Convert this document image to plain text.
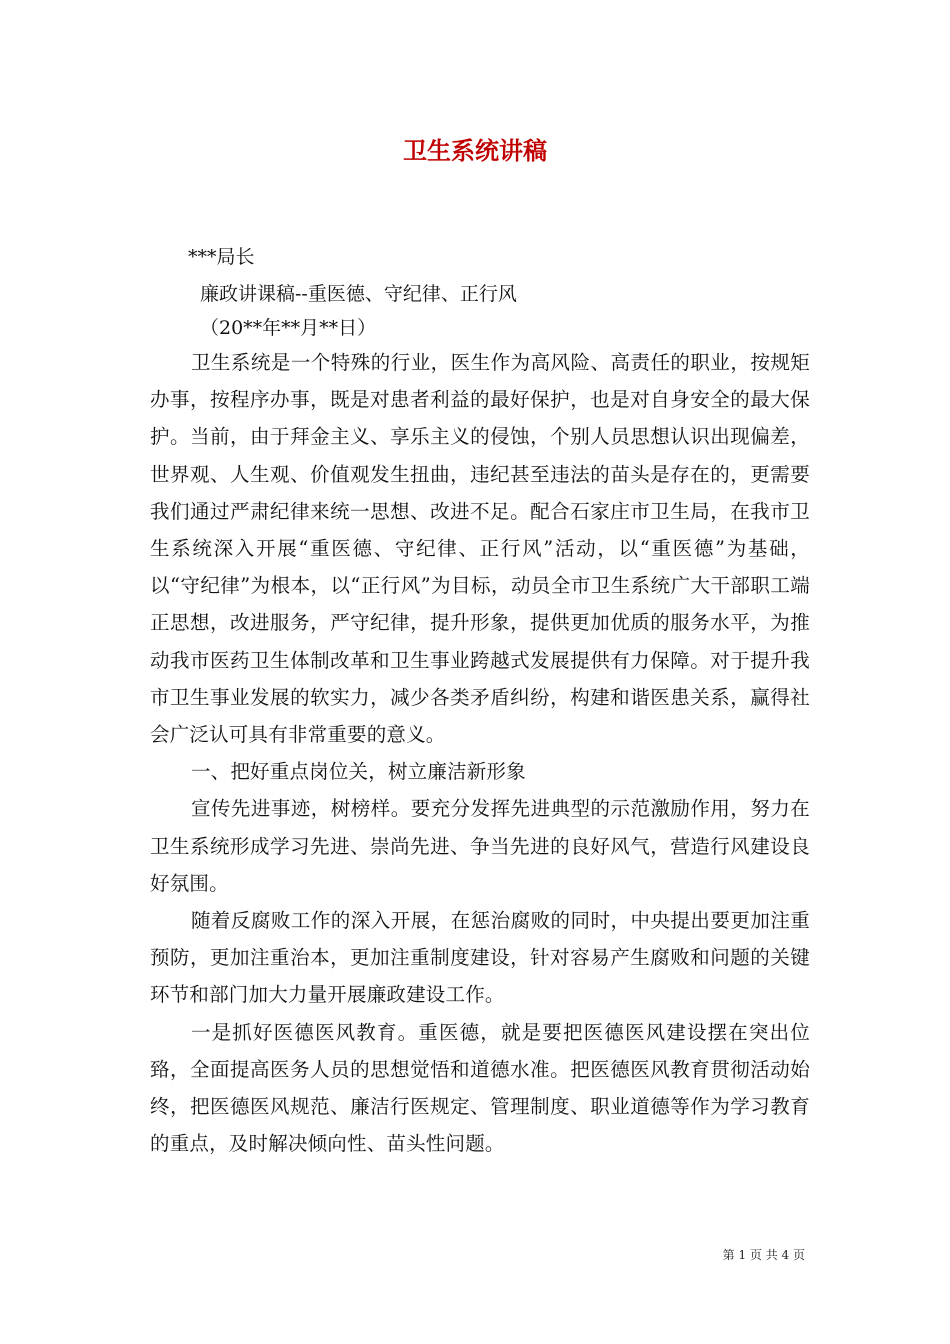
卫生系统讲稿

***局长

廉政讲课稿--重医德、守纪律、正行风

（20**年**月**日）

卫生系统是一个特殊的行业，医生作为高风险、高责任的职业，按规矩办事，按程序办事，既是对患者利益的最好保护，也是对自身安全的最大保护。当前，由于拜金主义、享乐主义的侵蚀，个别人员思想认识出现偏差，世界观、人生观、价值观发生扭曲，违纪甚至违法的苗头是存在的，更需要我们通过严肃纪律来统一思想、改进不足。配合石家庄市卫生局，在我市卫生系统深入开展“重医德、守纪律、正行风”活动，以“重医德”为基础，以“守纪律”为根本，以“正行风”为目标，动员全市卫生系统广大干部职工端正思想，改进服务，严守纪律，提升形象，提供更加优质的服务水平，为推动我市医药卫生体制改革和卫生事业跨越式发展提供有力保障。对于提升我市卫生事业发展的软实力，减少各类矛盾纠纷，构建和谐医患关系，赢得社会广泛认可具有非常重要的意义。

一、把好重点岗位关，树立廉洁新形象

宣传先进事迹，树榜样。要充分发挥先进典型的示范激励作用，努力在卫生系统形成学习先进、崇尚先进、争当先进的良好风气，营造行风建设良好氛围。

随着反腐败工作的深入开展，在惩治腐败的同时，中央提出要更加注重预防，更加注重治本，更加注重制度建设，针对容易产生腐败和问题的关键环节和部门加大力量开展廉政建设工作。

一是抓好医德医风教育。重医德，就是要把医德医风建设摆在突出位臵，全面提高医务人员的思想觉悟和道德水准。把医德医风教育贯彻活动始终，把医德医风规范、廉洁行医规定、管理制度、职业道德等作为学习教育的重点，及时解决倾向性、苗头性问题。

第 1 页 共 4 页
